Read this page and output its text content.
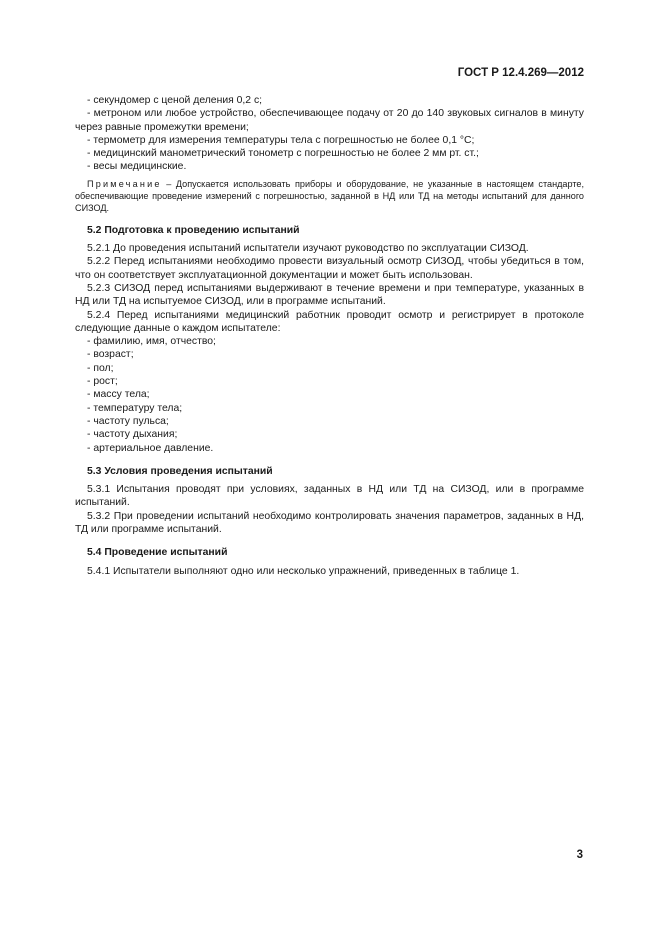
ГОСТ Р 12.4.269—2012

- секундомер с ценой деления 0,2 с;

- метроном или любое устройство, обеспечивающее подачу от 20 до 140 звуковых сигналов в минуту через равные промежутки времени;

- термометр для измерения температуры тела с погрешностью не более 0,1 °С;

- медицинский манометрический тонометр с погрешностью не более 2 мм рт. ст.;

- весы медицинские.

Примечание – Допускается использовать приборы и оборудование, не указанные в настоящем стандарте, обеспечивающие проведение измерений с погрешностью, заданной в НД или ТД на методы испытаний для данного СИЗОД.

5.2 Подготовка к проведению испытаний

5.2.1 До проведения испытаний испытатели изучают руководство по эксплуатации СИЗОД.

5.2.2 Перед испытаниями необходимо провести визуальный осмотр СИЗОД, чтобы убедиться в том, что он соответствует эксплуатационной документации и может быть использован.

5.2.3 СИЗОД перед испытаниями выдерживают в течение времени и при температуре, указанных в НД или ТД на испытуемое СИЗОД, или в программе испытаний.

5.2.4 Перед испытаниями медицинский работник проводит осмотр и регистрирует в протоколе следующие данные о каждом испытателе:

- фамилию, имя, отчество;

- возраст;

- пол;

- рост;

- массу тела;

- температуру тела;

- частоту пульса;

- частоту дыхания;

- артериальное давление.

5.3 Условия проведения испытаний

5.3.1 Испытания проводят при условиях, заданных в НД или ТД на СИЗОД, или в программе испытаний.

5.3.2 При проведении испытаний необходимо контролировать значения параметров, заданных в НД, ТД или программе испытаний.

5.4 Проведение испытаний

5.4.1 Испытатели выполняют одно или несколько упражнений, приведенных в таблице 1.

3
